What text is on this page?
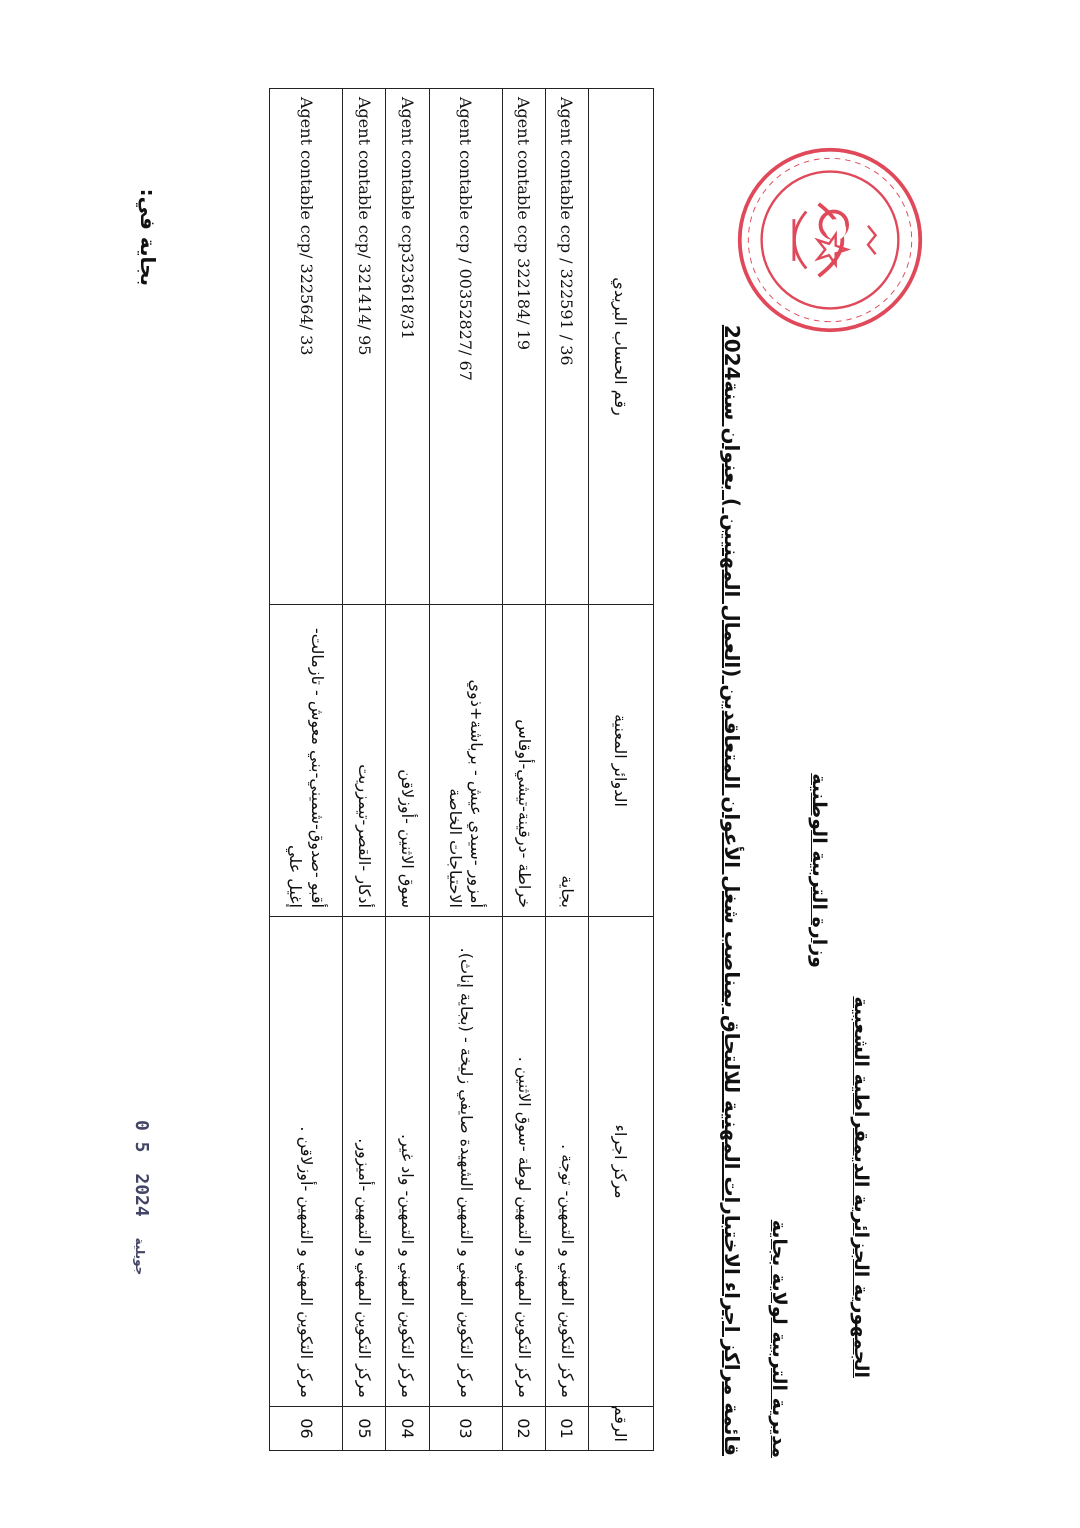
الجمهورية الجزائرية الديمقراطية الشعبية
وزارة التربية الوطنية
مديرية التربية لولاية بجاية
قائمة مراكز اجراء الاختبارات المهنية للالتحاق بمناصب شغل الأعوان المتعاقدين (العمال المهنيين ) بعنوان سنة2024
الرقم	مركز اجراء	الدوائر المعنية	رقم الحساب البريدي
01	مركز التكوين المهني و التمهين- توجة .	بجاية	Agent contable ccp / 322591 / 36
02	مركز التكوين المهني و التمهين لوطة -سوق الاثنين .	خراطة -درقينة-تيشي-أوقاس	Agent contable ccp 322184/ 19
03	مركز التكوين المهني و التمهين الشهيدة صايفي زليخة - (بجاية إناث).	أمزور -سيدي عيش - برباشة+ذوي الاحتياجات الخاصة	Agent contable ccp / 00352827/ 67
04	مركز التكوين المهني و التمهين- واد غير.	سوق الاثنين -أوزلاقن	Agent contable ccp323618/31
05	مركز التكوين المهني و التمهين -أميزور.	أدكار -القصر-تيمزريت	Agent contable ccp/ 321414/ 95
06	مركز التكوين المهني و التمهين -أوزلاقن .	أقبو -صدوق-شميني-بني معوش - تازمالت-إغيل علي	Agent contable ccp/ 322564/ 33
بجاية في:
0 5 جويلية 2024
